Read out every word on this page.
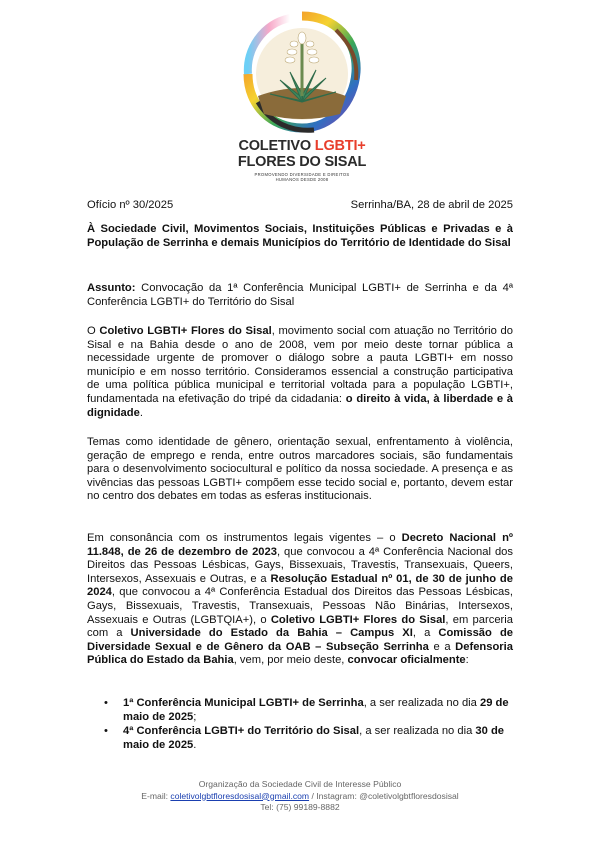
COLETIVO LGBTI+
FLORES DO SISAL
PROMOVENDO DIVERSIDADE E DIREITOS
HUMANOS DESDE 2008
Ofício nº 30/2025	Serrinha/BA, 28 de abril de 2025
À Sociedade Civil, Movimentos Sociais, Instituições Públicas e Privadas e à População de Serrinha e demais Municípios do Território de Identidade do Sisal
Assunto: Convocação da 1ª Conferência Municipal LGBTI+ de Serrinha e da 4ª Conferência LGBTI+ do Território do Sisal
O Coletivo LGBTI+ Flores do Sisal, movimento social com atuação no Território do Sisal e na Bahia desde o ano de 2008, vem por meio deste tornar pública a necessidade urgente de promover o diálogo sobre a pauta LGBTI+ em nosso município e em nosso território. Consideramos essencial a construção participativa de uma política pública municipal e territorial voltada para a população LGBTI+, fundamentada na efetivação do tripé da cidadania: o direito à vida, à liberdade e à dignidade.
Temas como identidade de gênero, orientação sexual, enfrentamento à violência, geração de emprego e renda, entre outros marcadores sociais, são fundamentais para o desenvolvimento sociocultural e político da nossa sociedade. A presença e as vivências das pessoas LGBTI+ compõem esse tecido social e, portanto, devem estar no centro dos debates em todas as esferas institucionais.
Em consonância com os instrumentos legais vigentes – o Decreto Nacional nº 11.848, de 26 de dezembro de 2023, que convocou a 4ª Conferência Nacional dos Direitos das Pessoas Lésbicas, Gays, Bissexuais, Travestis, Transexuais, Queers, Intersexos, Assexuais e Outras, e a Resolução Estadual nº 01, de 30 de junho de 2024, que convocou a 4ª Conferência Estadual dos Direitos das Pessoas Lésbicas, Gays, Bissexuais, Travestis, Transexuais, Pessoas Não Binárias, Intersexos, Assexuais e Outras (LGBTQIA+), o Coletivo LGBTI+ Flores do Sisal, em parceria com a Universidade do Estado da Bahia – Campus XI, a Comissão de Diversidade Sexual e de Gênero da OAB – Subseção Serrinha e a Defensoria Pública do Estado da Bahia, vem, por meio deste, convocar oficialmente:
• 1ª Conferência Municipal LGBTI+ de Serrinha, a ser realizada no dia 29 de maio de 2025;
• 4ª Conferência LGBTI+ do Território do Sisal, a ser realizada no dia 30 de maio de 2025.
Organização da Sociedade Civil de Interesse Público
E-mail: coletivolgbtfloresdosisal@gmail.com / Instagram: @coletivolgbtfloresdosisal
Tel: (75) 99189-8882
